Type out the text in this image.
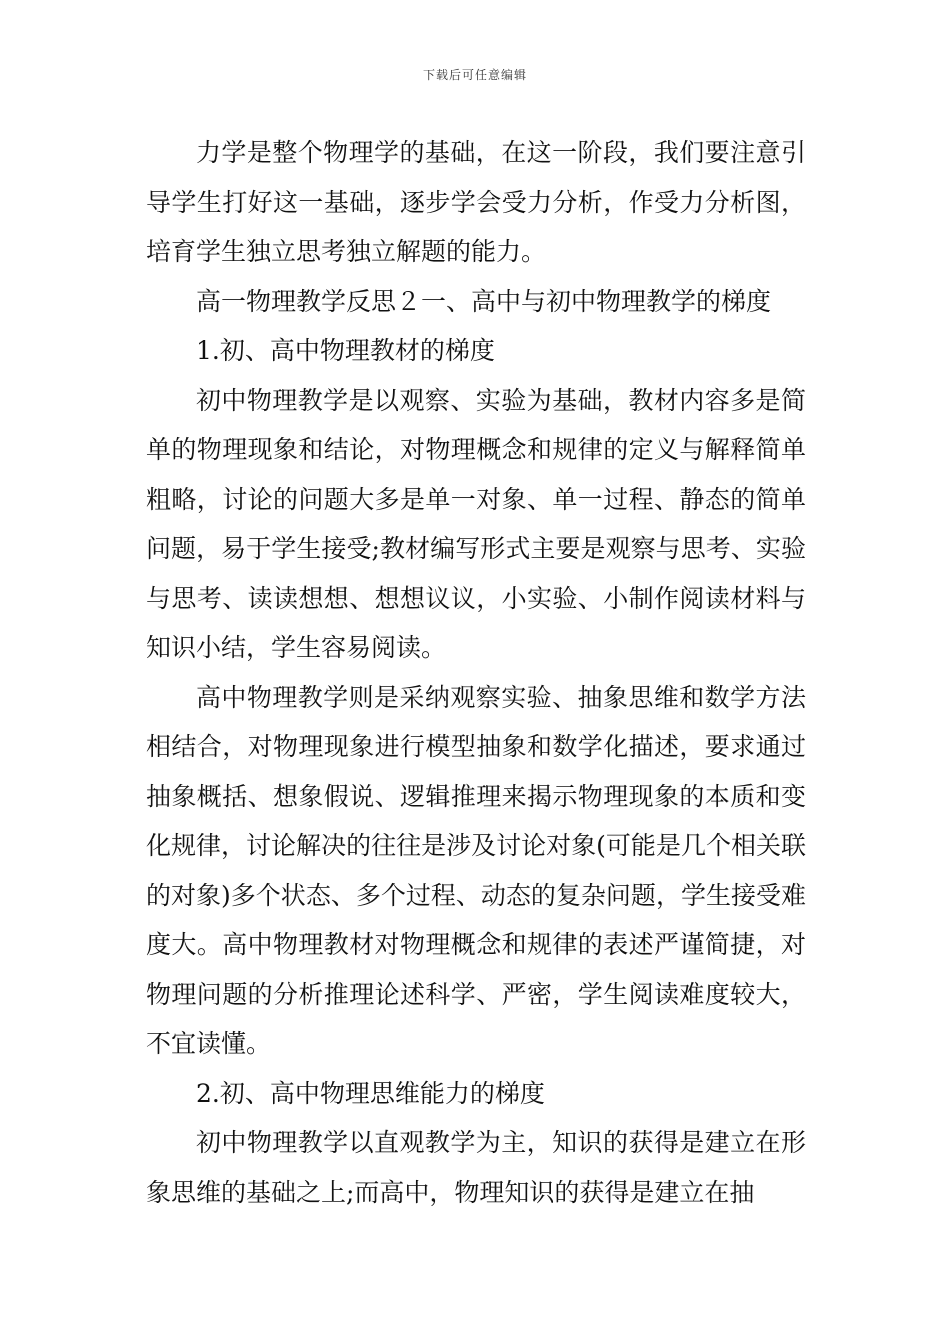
下载后可任意编辑

力学是整个物理学的基础，在这一阶段，我们要注意引导学生打好这一基础，逐步学会受力分析，作受力分析图，培育学生独立思考独立解题的能力。

高一物理教学反思２一、高中与初中物理教学的梯度

1.初、高中物理教材的梯度

初中物理教学是以观察、实验为基础，教材内容多是简单的物理现象和结论，对物理概念和规律的定义与解释简单粗略，讨论的问题大多是单一对象、单一过程、静态的简单问题，易于学生接受;教材编写形式主要是观察与思考、实验与思考、读读想想、想想议议，小实验、小制作阅读材料与知识小结，学生容易阅读。

高中物理教学则是采纳观察实验、抽象思维和数学方法相结合，对物理现象进行模型抽象和数学化描述，要求通过抽象概括、想象假说、逻辑推理来揭示物理现象的本质和变化规律，讨论解决的往往是涉及讨论对象(可能是几个相关联的对象)多个状态、多个过程、动态的复杂问题，学生接受难度大。高中物理教材对物理概念和规律的表述严谨简捷，对物理问题的分析推理论述科学、严密，学生阅读难度较大，不宜读懂。

2.初、高中物理思维能力的梯度

初中物理教学以直观教学为主，知识的获得是建立在形象思维的基础之上;而高中，物理知识的获得是建立在抽
